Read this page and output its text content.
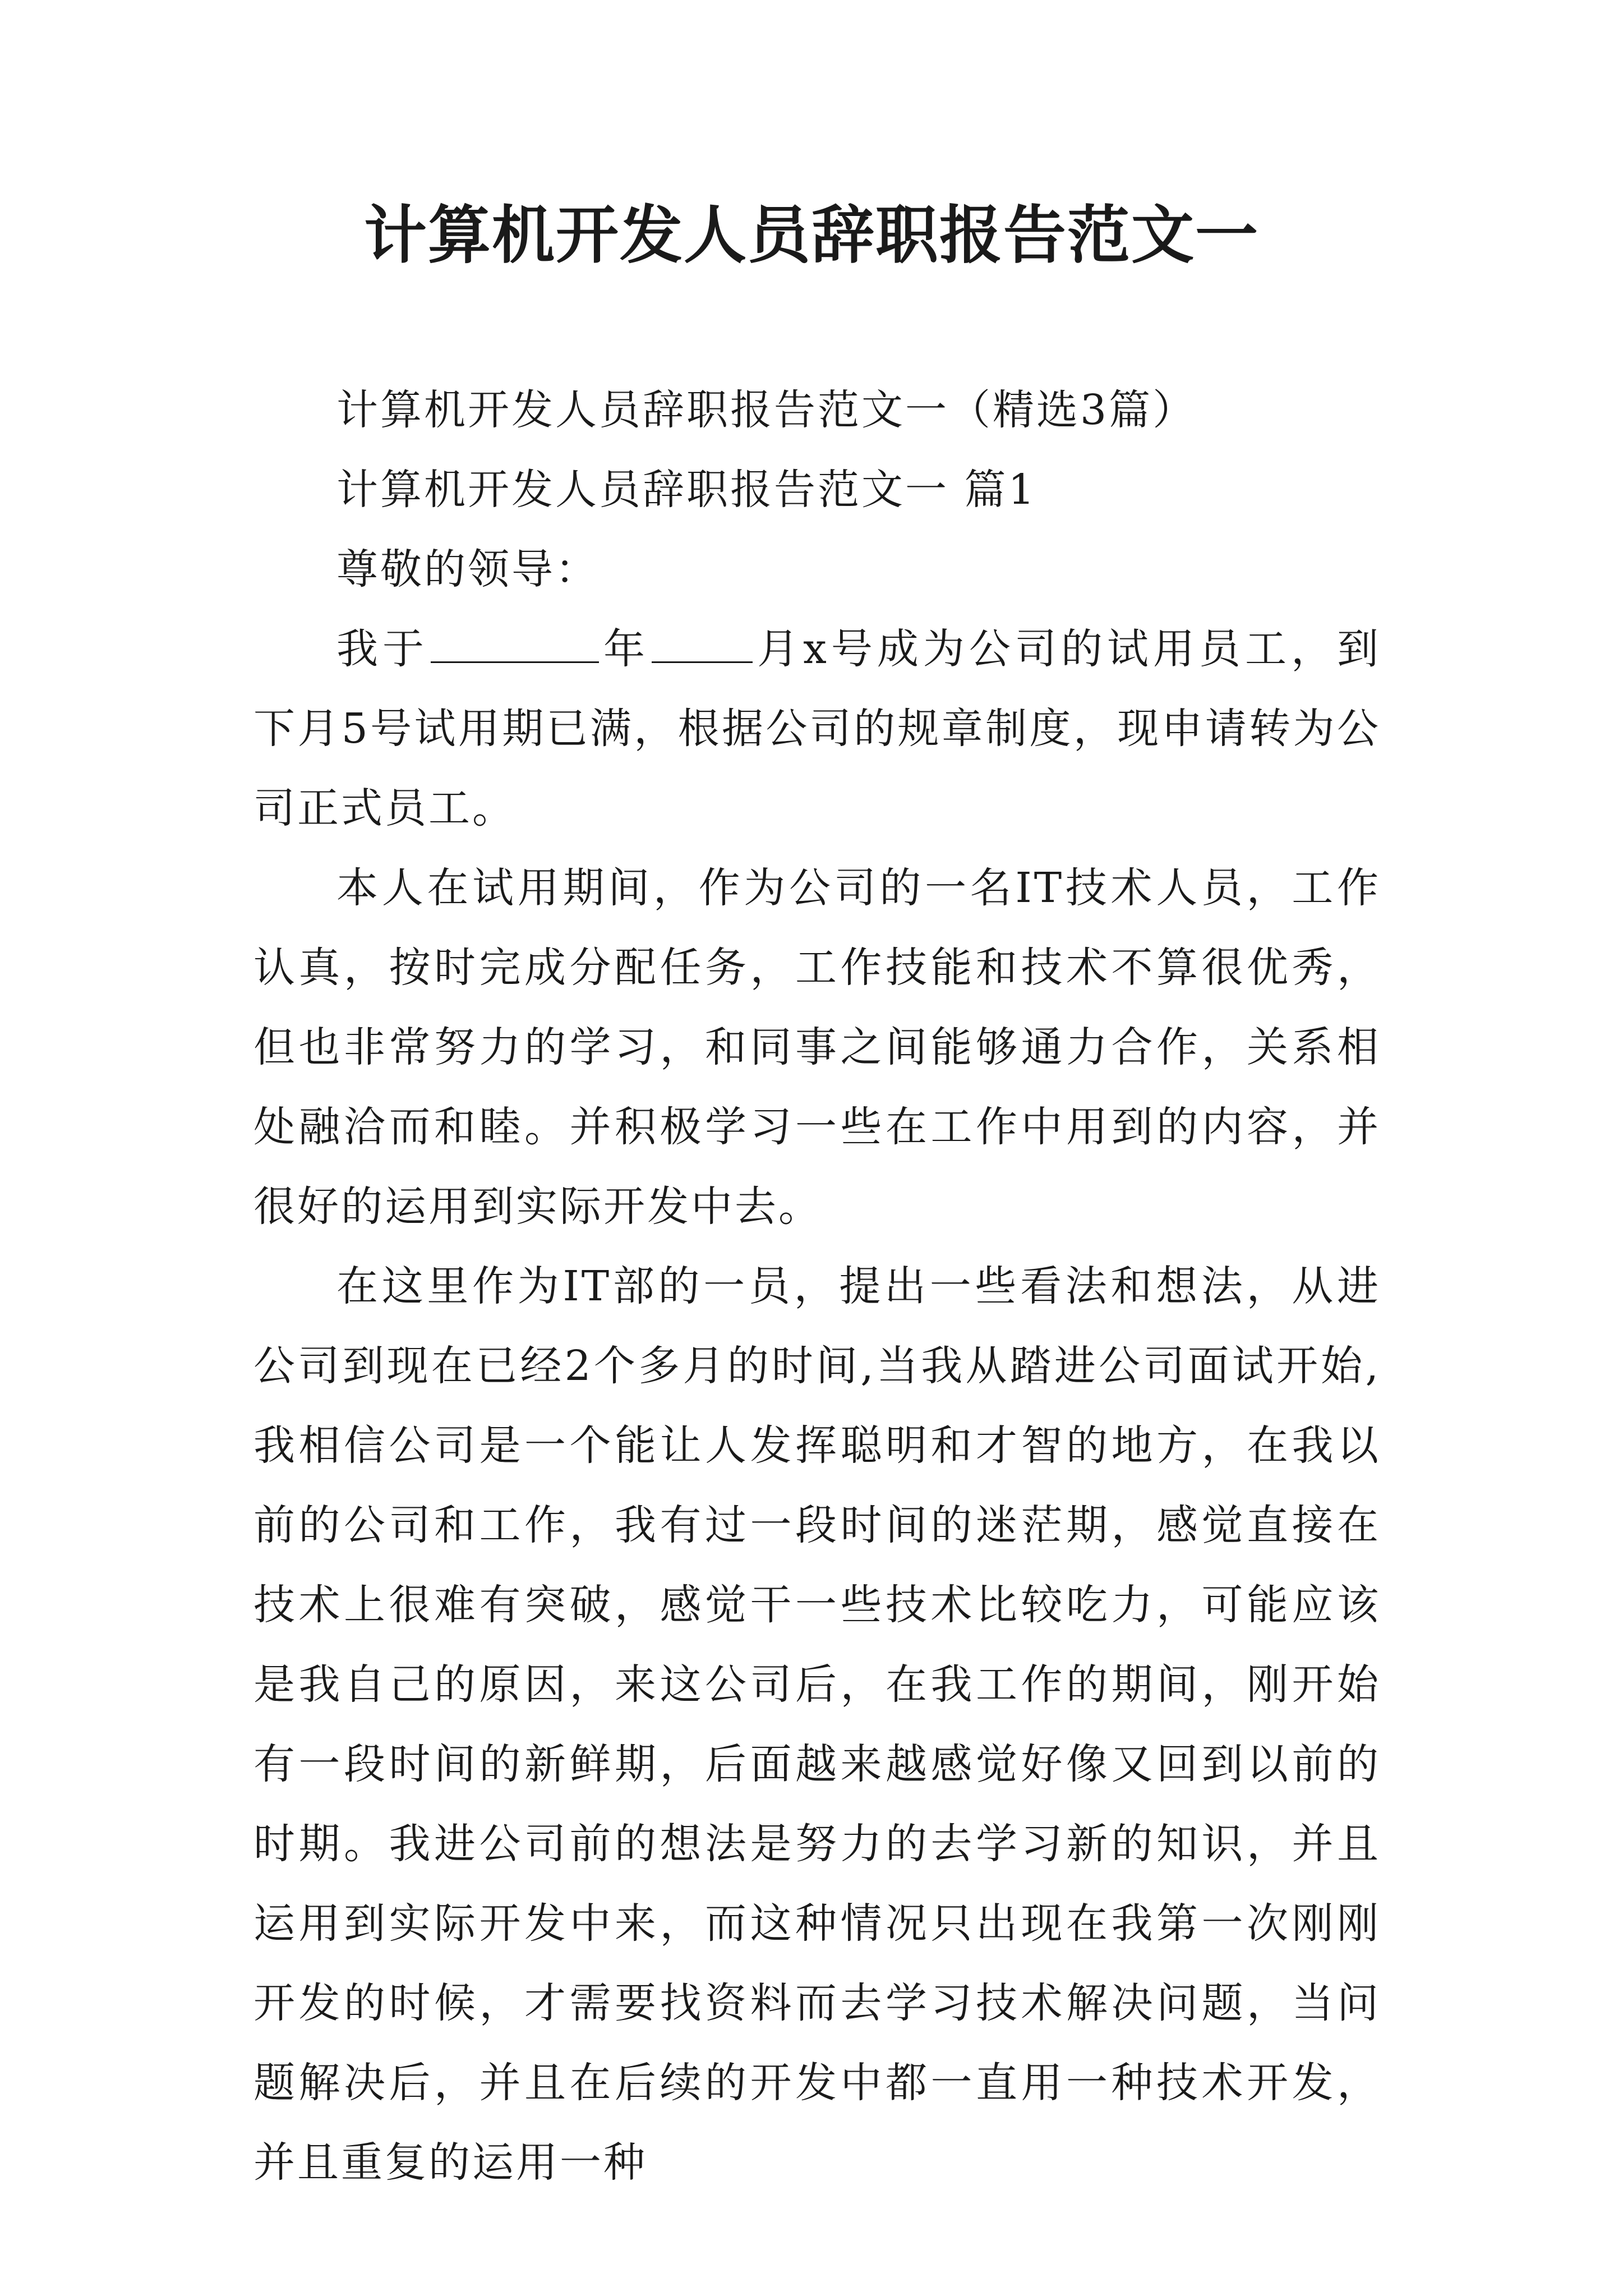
计算机开发人员辞职报告范文一

计算机开发人员辞职报告范文一（精选3篇）

计算机开发人员辞职报告范文一 篇1

尊敬的领导：

我于	年	月x号成为公司的试用员工，到下月5号试用期已满，根据公司的规章制度，现申请转为公司正式员工。

本人在试用期间，作为公司的一名IT技术人员，工作认真，按时完成分配任务，工作技能和技术不算很优秀，但也非常努力的学习，和同事之间能够通力合作，关系相处融洽而和睦。并积极学习一些在工作中用到的内容，并很好的运用到实际开发中去。

在这里作为IT部的一员，提出一些看法和想法，从进公司到现在已经2个多月的时间,当我从踏进公司面试开始,我相信公司是一个能让人发挥聪明和才智的地方，在我以前的公司和工作，我有过一段时间的迷茫期，感觉直接在技术上很难有突破，感觉干一些技术比较吃力，可能应该是我自己的原因，来这公司后，在我工作的期间，刚开始有一段时间的新鲜期，后面越来越感觉好像又回到以前的时期。我进公司前的想法是努力的去学习新的知识，并且运用到实际开发中来，而这种情况只出现在我第一次刚刚开发的时候，才需要找资料而去学习技术解决问题，当问题解决后，并且在后续的开发中都一直用一种技术开发，并且重复的运用一种
